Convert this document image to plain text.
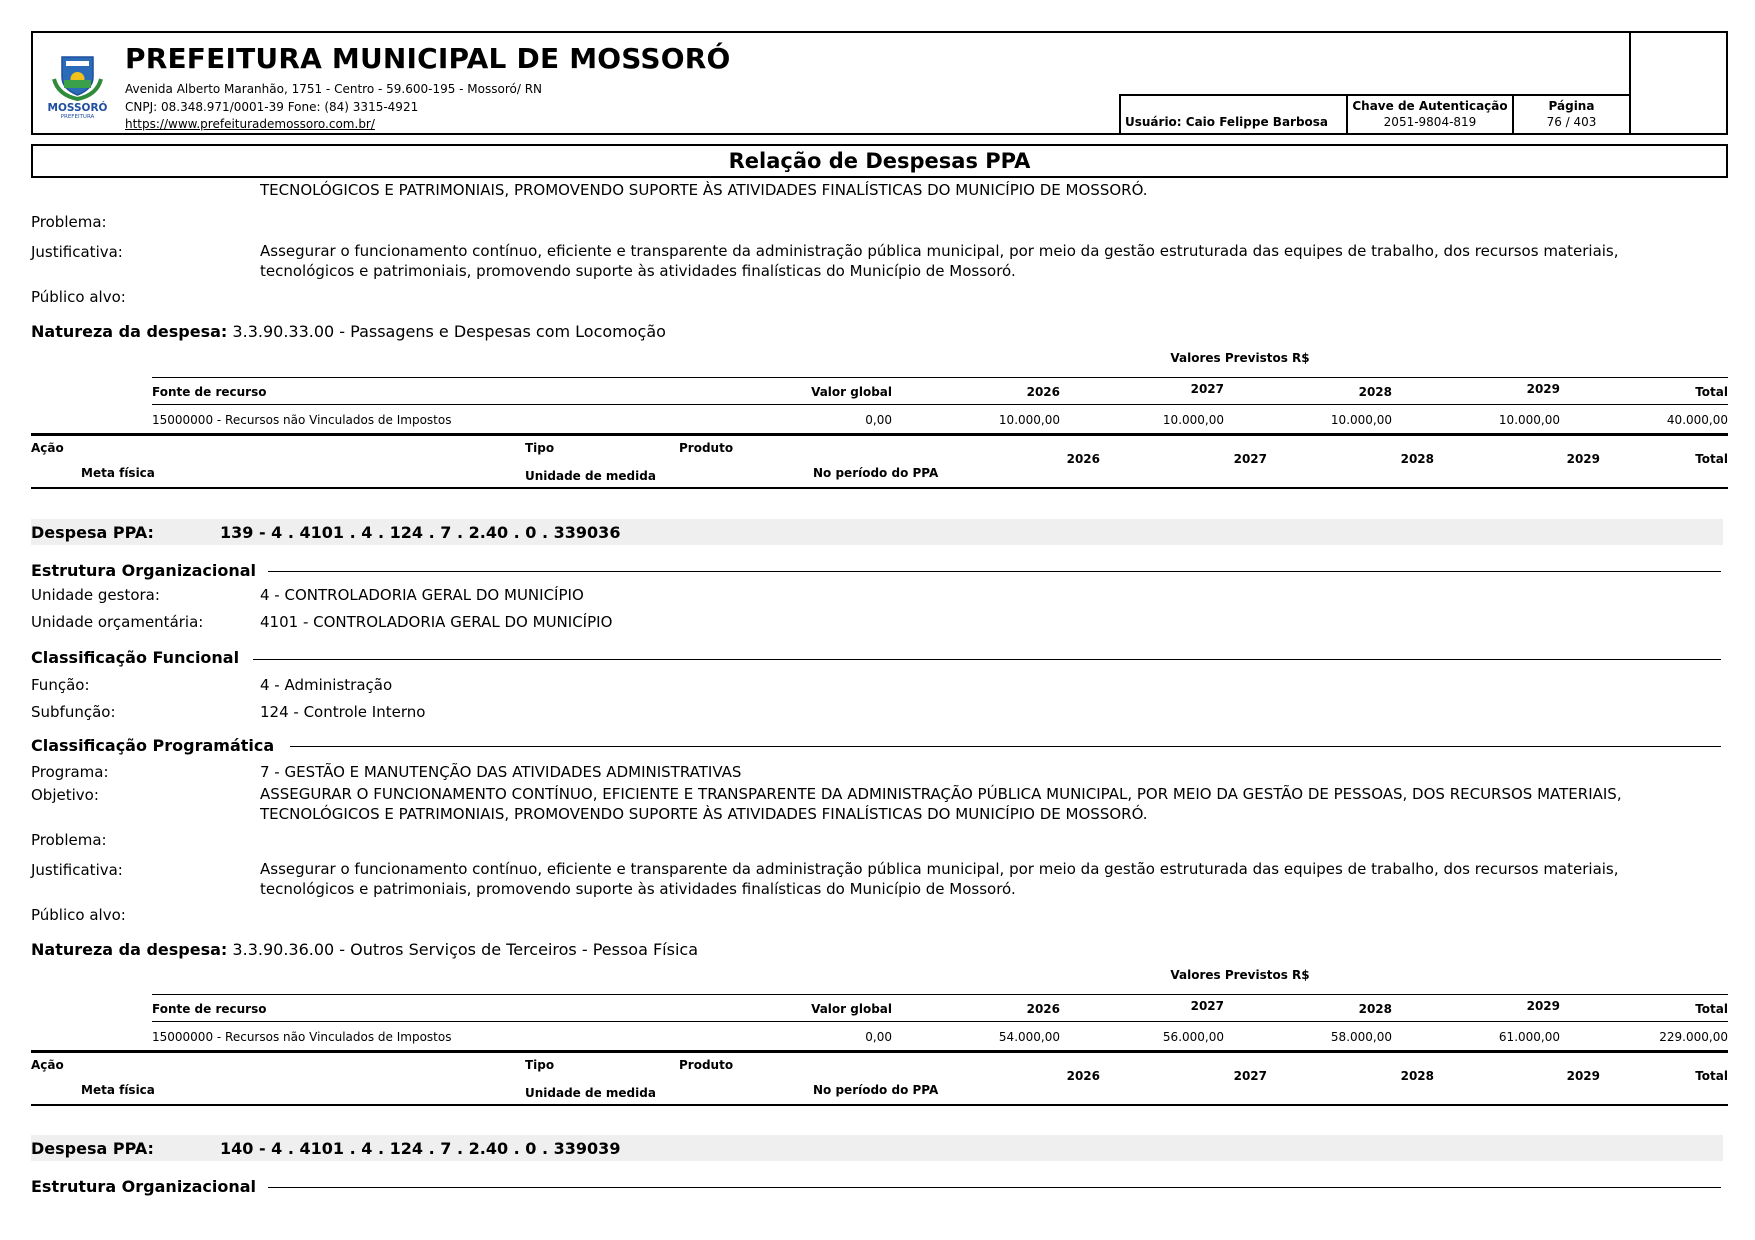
MOSSORÓ
PREFEITURA
PREFEITURA MUNICIPAL DE MOSSORÓ
Avenida Alberto Maranhão, 1751 - Centro - 59.600-195 - Mossoró/ RN
CNPJ: 08.348.971/0001-39 Fone: (84) 3315-4921
https://www.prefeiturademossoro.com.br/	Usuário: Caio Felippe Barbosa
Chave de Autenticação
2051-9804-819
Página
76 / 403
Relação de Despesas PPA
TECNOLÓGICOS E PATRIMONIAIS, PROMOVENDO SUPORTE ÀS ATIVIDADES FINALÍSTICAS DO MUNICÍPIO DE MOSSORÓ.
Problema:
Justificativa:	Assegurar o funcionamento contínuo, eficiente e transparente da administração pública municipal, por meio da gestão estruturada das equipes de trabalho, dos recursos materiais, tecnológicos e patrimoniais, promovendo suporte às atividades finalísticas do Município de Mossoró.
Público alvo:
Natureza da despesa: 3.3.90.33.00 - Passagens e Despesas com Locomoção
Valores Previstos R$
Fonte de recurso	Valor global	2026	2027	2028	2029	Total
15000000 - Recursos não Vinculados de Impostos	0,00	10.000,00	10.000,00	10.000,00	10.000,00	40.000,00
Ação	Tipo	Produto
Meta física	Unidade de medida	No período do PPA
2026	2027	2028	2029	Total
Despesa PPA:	139 - 4 . 4101 . 4 . 124 . 7 . 2.40 . 0 . 339036
Estrutura Organizacional
Unidade gestora:	4 - CONTROLADORIA GERAL DO MUNICÍPIO
Unidade orçamentária:	4101 - CONTROLADORIA GERAL DO MUNICÍPIO
Classificação Funcional
Função:	4 - Administração
Subfunção:	124 - Controle Interno
Classificação Programática
Programa:	7 - GESTÃO E MANUTENÇÃO DAS ATIVIDADES ADMINISTRATIVAS
Objetivo:	ASSEGURAR O FUNCIONAMENTO CONTÍNUO, EFICIENTE E TRANSPARENTE DA ADMINISTRAÇÃO PÚBLICA MUNICIPAL, POR MEIO DA GESTÃO DE PESSOAS, DOS RECURSOS MATERIAIS, TECNOLÓGICOS E PATRIMONIAIS, PROMOVENDO SUPORTE ÀS ATIVIDADES FINALÍSTICAS DO MUNICÍPIO DE MOSSORÓ.
Problema:
Justificativa:	Assegurar o funcionamento contínuo, eficiente e transparente da administração pública municipal, por meio da gestão estruturada das equipes de trabalho, dos recursos materiais, tecnológicos e patrimoniais, promovendo suporte às atividades finalísticas do Município de Mossoró.
Público alvo:
Natureza da despesa: 3.3.90.36.00 - Outros Serviços de Terceiros - Pessoa Física
Valores Previstos R$
Fonte de recurso	Valor global	2026	2027	2028	2029	Total
15000000 - Recursos não Vinculados de Impostos	0,00	54.000,00	56.000,00	58.000,00	61.000,00	229.000,00
Ação	Tipo	Produto
Meta física	Unidade de medida	No período do PPA
2026	2027	2028	2029	Total
Despesa PPA:	140 - 4 . 4101 . 4 . 124 . 7 . 2.40 . 0 . 339039
Estrutura Organizacional
